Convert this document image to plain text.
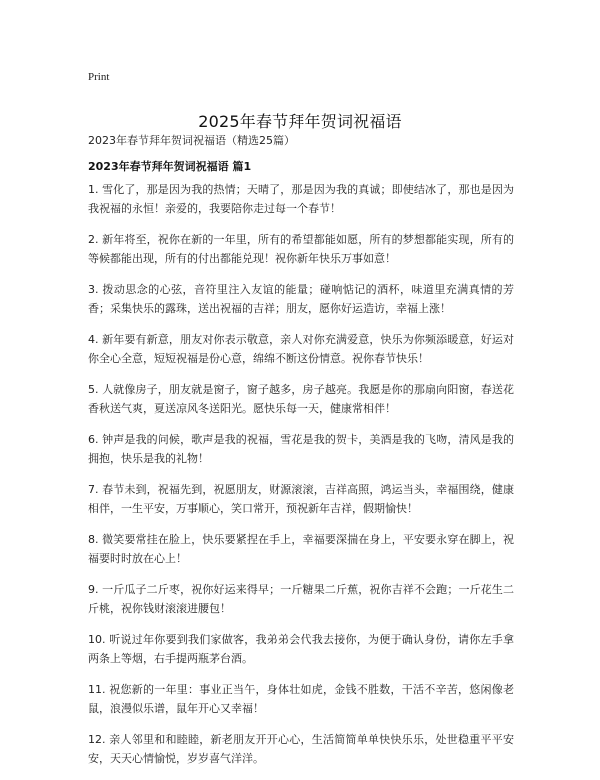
Print
2025年春节拜年贺词祝福语
2023年春节拜年贺词祝福语（精选25篇）
2023年春节拜年贺词祝福语 篇1

1. 雪化了，那是因为我的热情；天晴了，那是因为我的真诚；即使结冰了，那也是因为我祝福的永恒！亲爱的，我要陪你走过每一个春节！

2. 新年将至，祝你在新的一年里，所有的希望都能如愿，所有的梦想都能实现，所有的等候都能出现，所有的付出都能兑现！祝你新年快乐万事如意！

3. 拨动思念的心弦，音符里注入友谊的能量；碰响惦记的酒杯，味道里充满真情的芳香；采集快乐的露珠，送出祝福的吉祥；朋友，愿你好运造访，幸福上涨！

4. 新年要有新意，朋友对你表示敬意，亲人对你充满爱意，快乐为你频添暖意，好运对你全心全意，短短祝福是份心意，绵绵不断这份情意。祝你春节快乐！

5. 人就像房子，朋友就是窗子，窗子越多，房子越亮。我愿是你的那扇向阳窗，春送花香秋送气爽，夏送凉风冬送阳光。愿快乐每一天，健康常相伴！

6. 钟声是我的问候，歌声是我的祝福，雪花是我的贺卡，美酒是我的飞吻，清风是我的拥抱，快乐是我的礼物！

7. 春节未到，祝福先到，祝愿朋友，财源滚滚，吉祥高照，鸿运当头，幸福围绕，健康相伴，一生平安，万事顺心，笑口常开，预祝新年吉祥，假期愉快！

8. 微笑要常挂在脸上，快乐要紧捏在手上，幸福要深揣在身上，平安要永穿在脚上，祝福要时时放在心上！

9. 一斤瓜子二斤枣，祝你好运来得早；一斤糖果二斤蕉，祝你吉祥不会跑；一斤花生二斤桃，祝你钱财滚滚进腰包！

10. 听说过年你要到我们家做客，我弟弟会代我去接你，为便于确认身份，请你左手拿两条上等烟，右手提两瓶茅台酒。

11. 祝您新的一年里：事业正当午，身体壮如虎，金钱不胜数，干活不辛苦，悠闲像老鼠，浪漫似乐谱，鼠年开心又幸福！

12. 亲人邻里和和睦睦，新老朋友开开心心，生活简简单单快快乐乐，处世稳重平平安安，天天心情愉悦，岁岁喜气洋洋。
